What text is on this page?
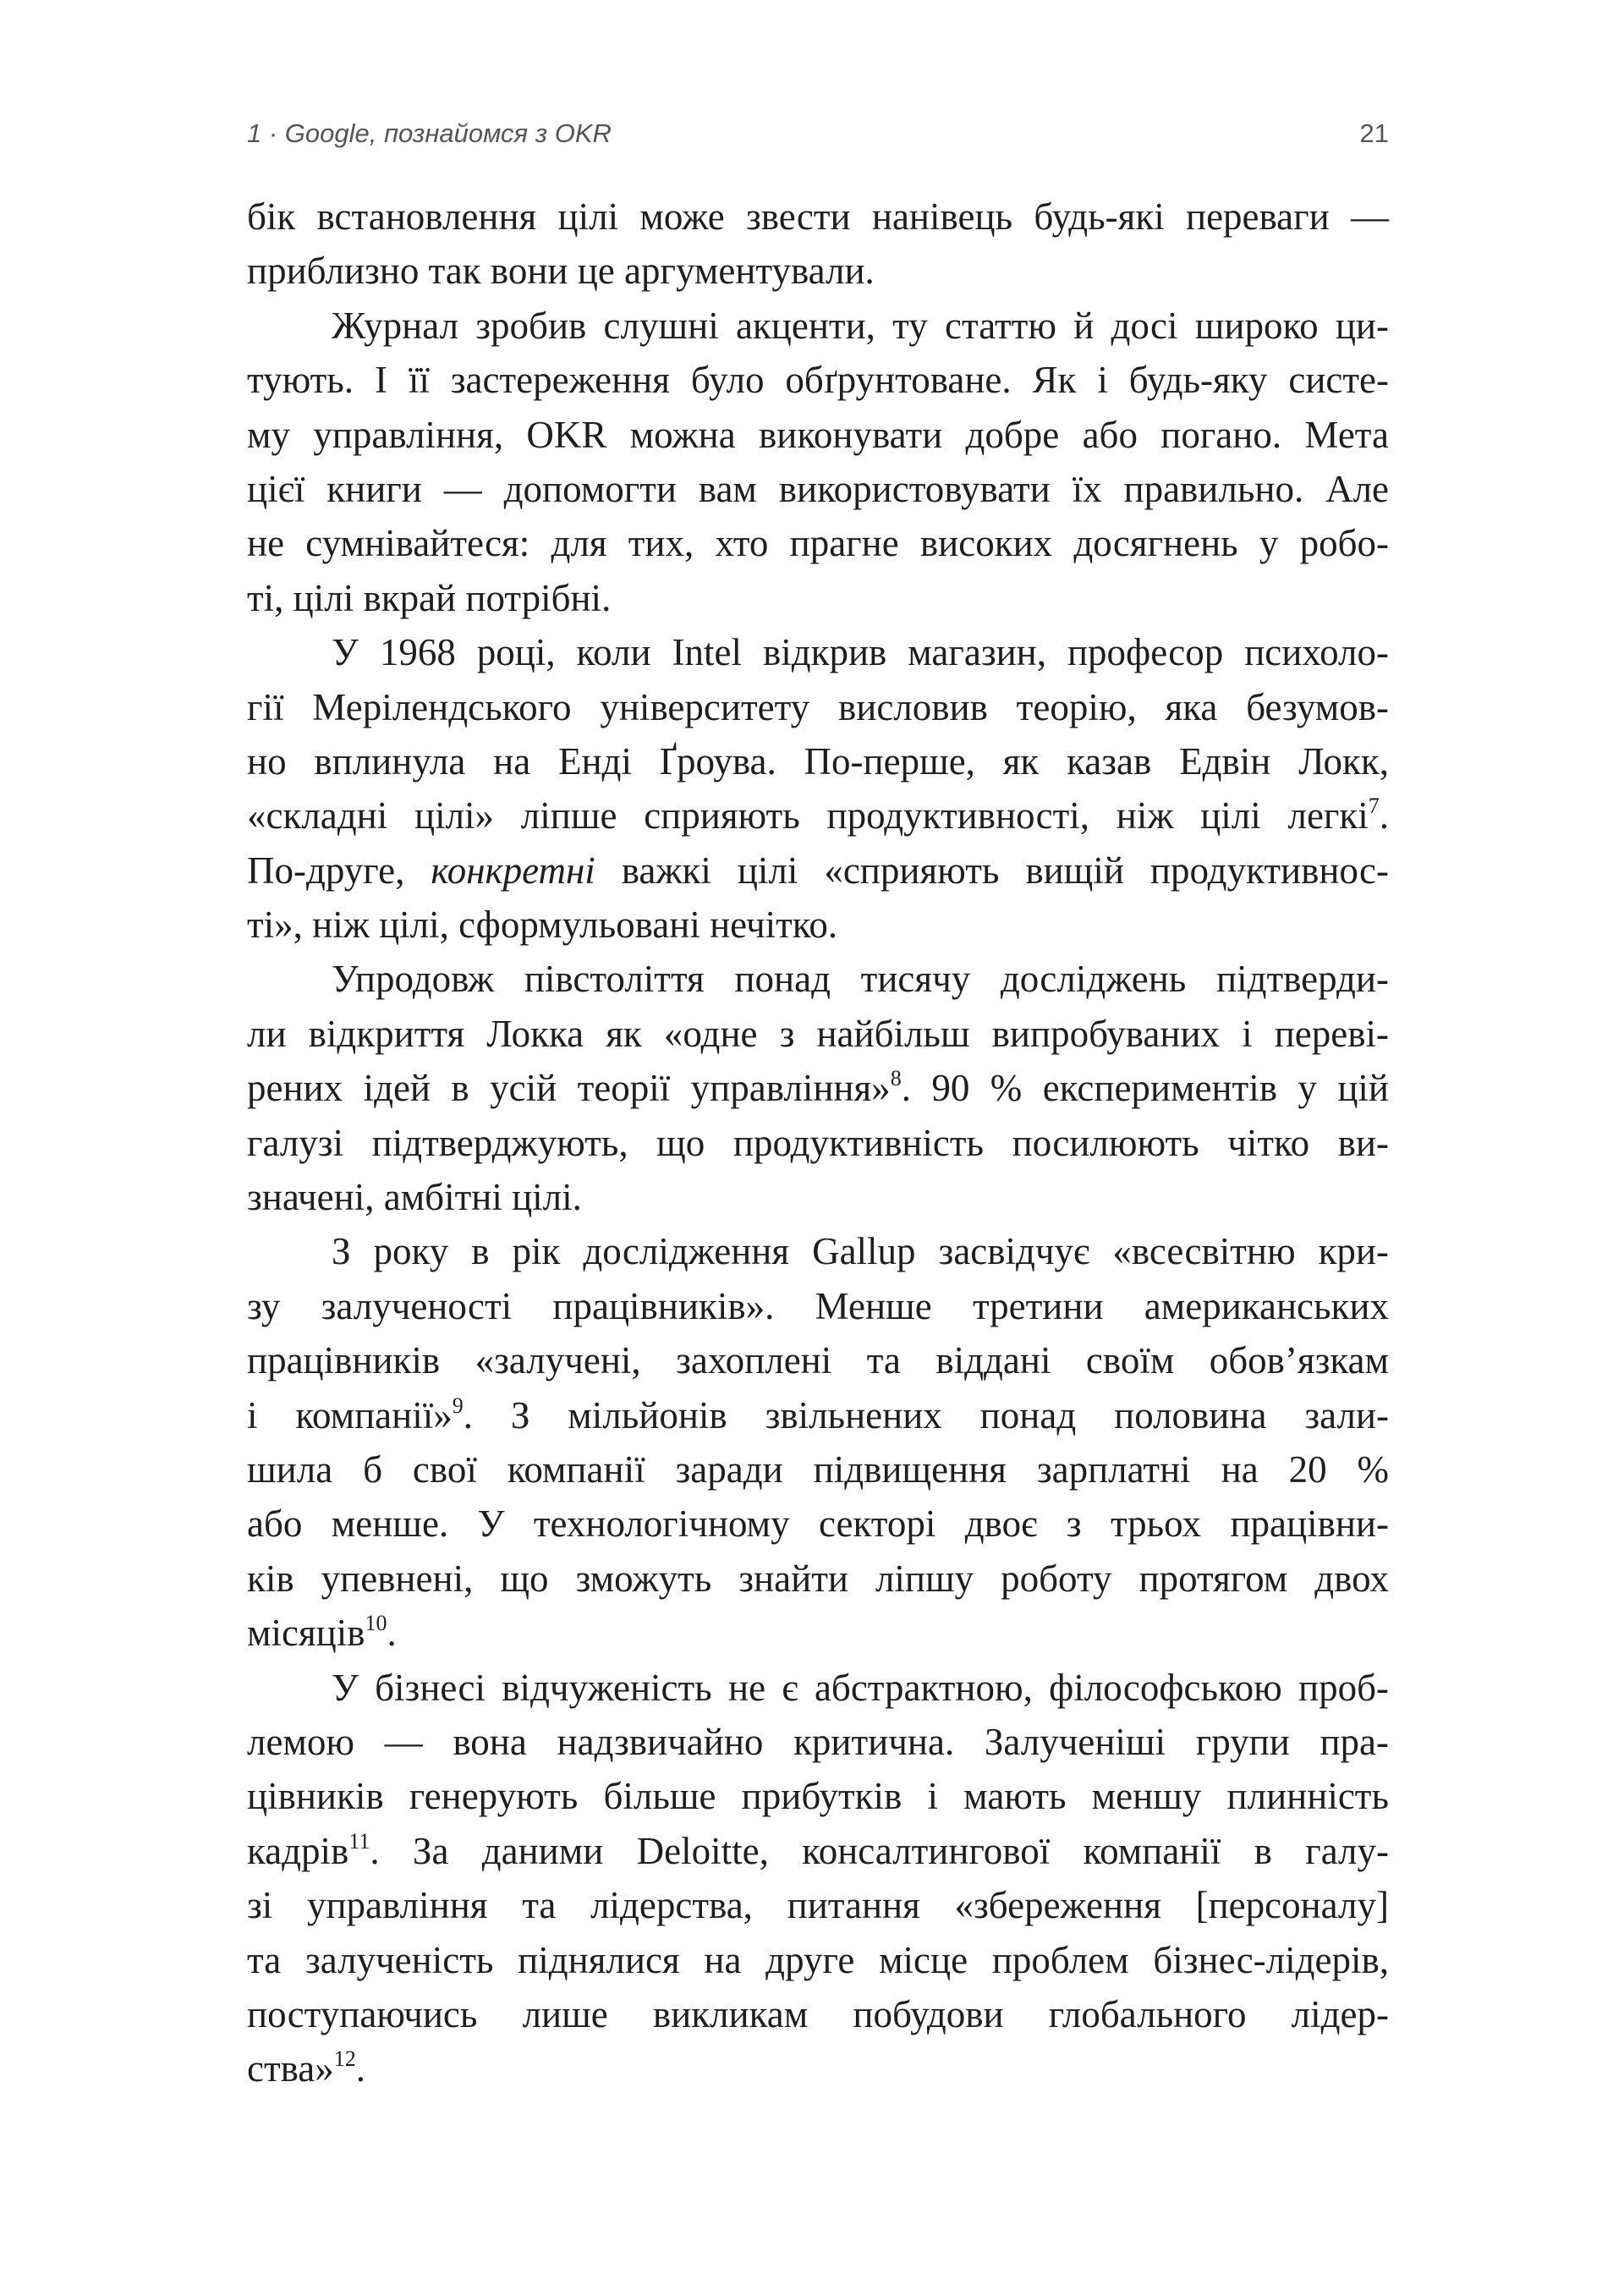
1 · Google, познайомся з OKR	21
бік встановлення цілі може звести нанівець будь-які переваги —
приблизно так вони це аргументували.
Журнал зробив слушні акценти, ту статтю й досі широко ци-
тують. І її застереження було обґрунтоване. Як і будь-яку систе-
му управління, OKR можна виконувати добре або погано. Мета
цієї книги — допомогти вам використовувати їх правильно. Але
не сумнівайтеся: для тих, хто прагне високих досягнень у робо-
ті, цілі вкрай потрібні.
У 1968 році, коли Intel відкрив магазин, професор психоло-
гії Мерілендського університету висловив теорію, яка безумов-
но вплинула на Енді Ґроува. По-перше, як казав Едвін Локк,
«складні цілі» ліпше сприяють продуктивності, ніж цілі легкі$^7$.
По-друге, конкретні важкі цілі «сприяють вищій продуктивнос-
ті», ніж цілі, сформульовані нечітко.
Упродовж півстоліття понад тисячу досліджень підтверди-
ли відкриття Локка як «одне з найбільш випробуваних і переві-
рених ідей в усій теорії управління»$^8$. 90 % експериментів у цій
галузі підтверджують, що продуктивність посилюють чітко ви-
значені, амбітні цілі.
З року в рік дослідження Gallup засвідчує «всесвітню кри-
зу залученості працівників». Менше третини американських
працівників «залучені, захоплені та віддані своїм обов’язкам
і компанії»$^9$. З мільйонів звільнених понад половина зали-
шила б свої компанії заради підвищення зарплатні на 20 %
або менше. У технологічному секторі двоє з трьох працівни-
ків упевнені, що зможуть знайти ліпшу роботу протягом двох
місяців$^{10}$.
У бізнесі відчуженість не є абстрактною, філософською проб-
лемою — вона надзвичайно критична. Залученіші групи пра-
цівників генерують більше прибутків і мають меншу плинність
кадрів$^{11}$. За даними Deloitte, консалтингової компанії в галу-
зі управління та лідерства, питання «збереження [персоналу]
та залученість піднялися на друге місце проблем бізнес-лідерів,
поступаючись лише викликам побудови глобального лідер-
ства»$^{12}$.
